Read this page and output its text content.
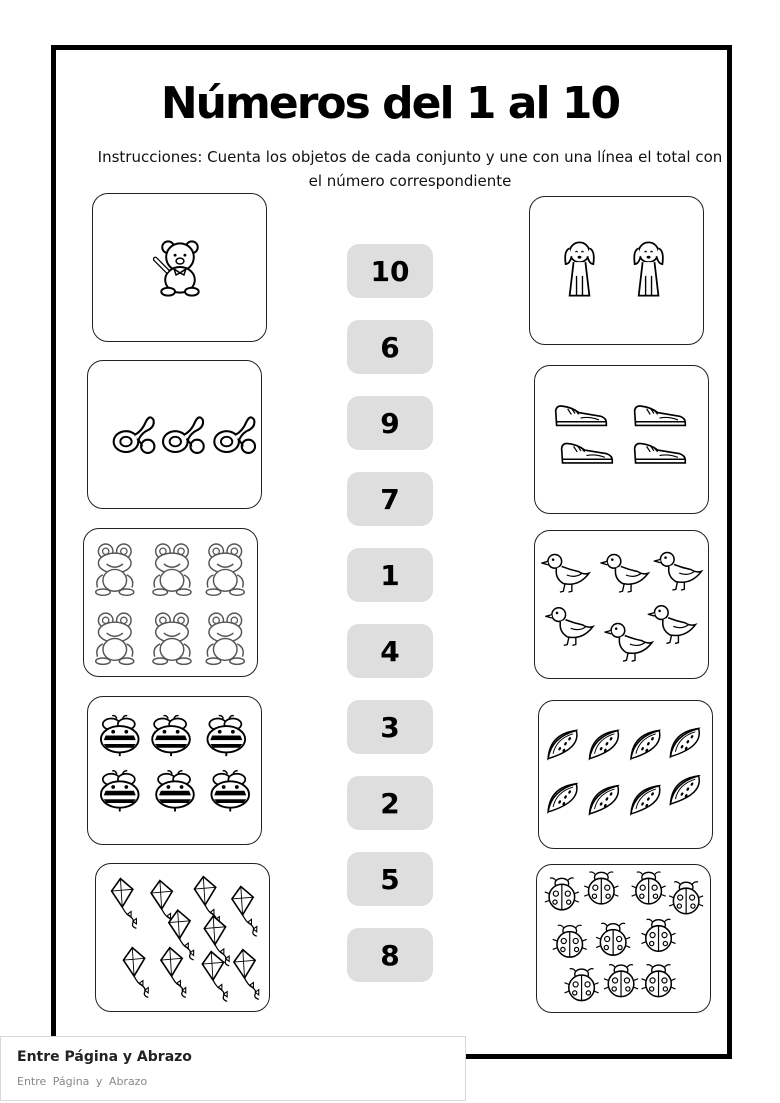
Números del 1 al 10

Instrucciones: Cuenta los objetos de cada conjunto y une con una línea el total con el número correspondiente

10
6
9
7
1
4
3
2
5
8
Entre Página y Abrazo
Entre Página y Abrazo
